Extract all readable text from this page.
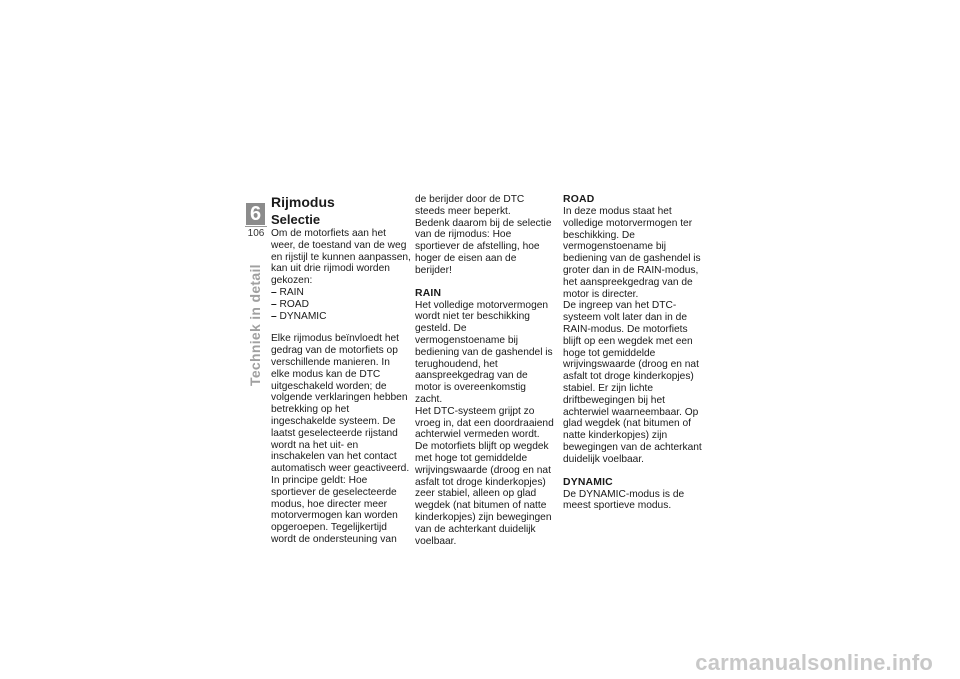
6
106
Techniek in detail
Rijmodus
Selectie

Om de motorfiets aan het weer, de toestand van de weg en rijstijl te kunnen aanpassen, kan uit drie rijmodi worden gekozen:

– RAIN
– ROAD
– DYNAMIC

Elke rijmodus beïnvloedt het gedrag van de motorfiets op verschillende manieren. In elke modus kan de DTC uitgeschakeld worden; de volgende verklaringen hebben betrekking op het ingeschakelde systeem. De laatst geselecteerde rijstand wordt na het uit- en inschakelen van het contact automatisch weer geactiveerd.

In principe geldt: Hoe sportiever de geselecteerde modus, hoe directer meer motorvermogen kan worden opgeroepen. Tegelijkertijd wordt de ondersteuning van

de berijder door de DTC steeds meer beperkt.

Bedenk daarom bij de selectie van de rijmodus: Hoe sportiever de afstelling, hoe hoger de eisen aan de berijder!

RAIN

Het volledige motorvermogen wordt niet ter beschikking gesteld. De vermogenstoename bij bediening van de gashendel is terughoudend, het aanspreekgedrag van de motor is overeenkomstig zacht.

Het DTC-systeem grijpt zo vroeg in, dat een doordraaiend achterwiel vermeden wordt. De motorfiets blijft op wegdek met hoge tot gemiddelde wrijvingswaarde (droog en nat asfalt tot droge kinderkopjes) zeer stabiel, alleen op glad wegdek (nat bitumen of natte kinderkopjes) zijn bewegingen van de achterkant duidelijk voelbaar.

ROAD

In deze modus staat het volledige motorvermogen ter beschikking. De vermogenstoename bij bediening van de gashendel is groter dan in de RAIN-modus, het aanspreekgedrag van de motor is directer.

De ingreep van het DTC-systeem volt later dan in de RAIN-modus. De motorfiets blijft op een wegdek met een hoge tot gemiddelde wrijvingswaarde (droog en nat asfalt tot droge kinderkopjes) stabiel. Er zijn lichte driftbewegingen bij het achterwiel waarneembaar. Op glad wegdek (nat bitumen of natte kinderkopjes) zijn bewegingen van de achterkant duidelijk voelbaar.

DYNAMIC

De DYNAMIC-modus is de meest sportieve modus.

carmanualsonline.info
